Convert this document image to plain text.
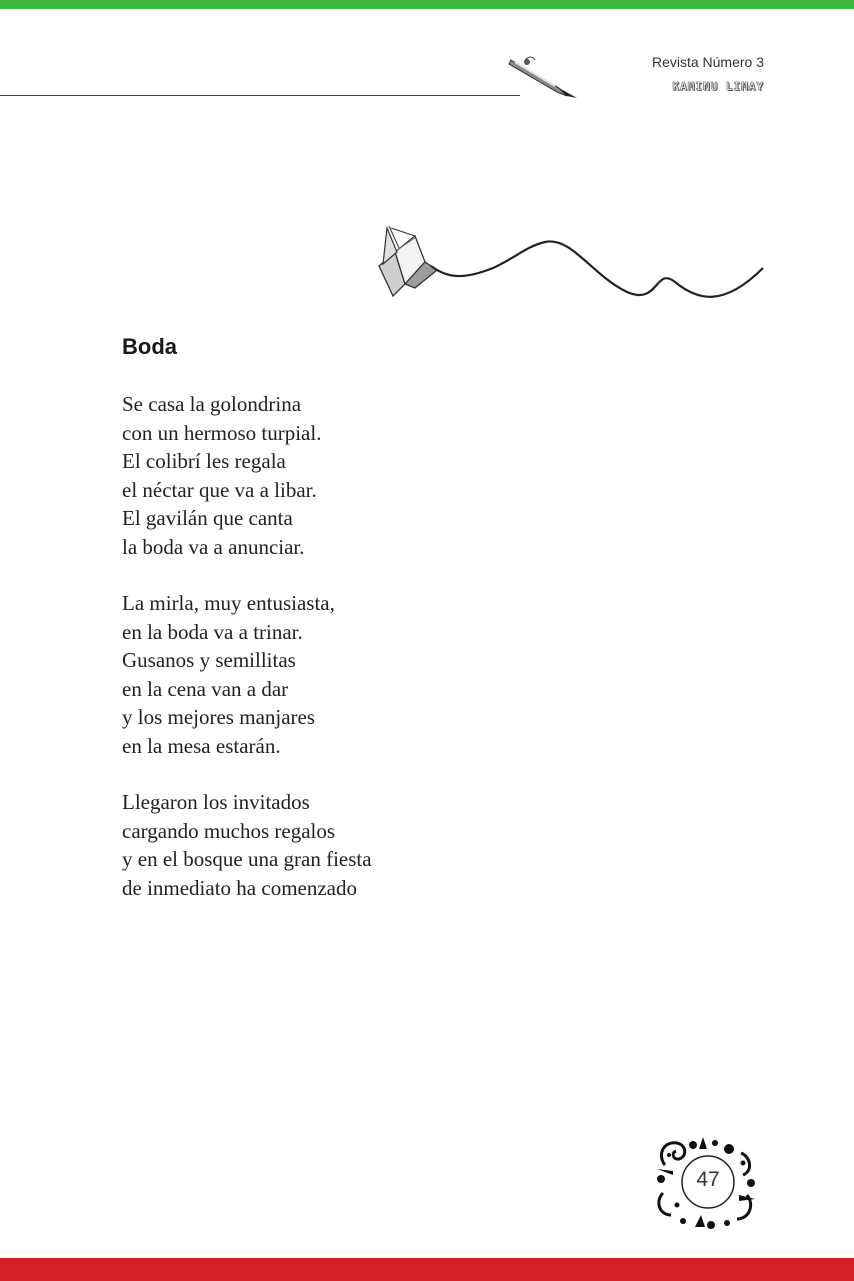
Revista Número 3
KAMINU LIMAY
Boda
Se casa la golondrina
con un hermoso turpial.
El colibrí les regala
el néctar que va a libar.
El gavilán que canta
la boda va a anunciar.
La mirla, muy entusiasta,
en la boda va a trinar.
Gusanos y semillitas
en la cena van a dar
y los mejores manjares
en la mesa estarán.
Llegaron los invitados
cargando muchos regalos
y en el bosque una gran fiesta
de inmediato ha comenzado
47
